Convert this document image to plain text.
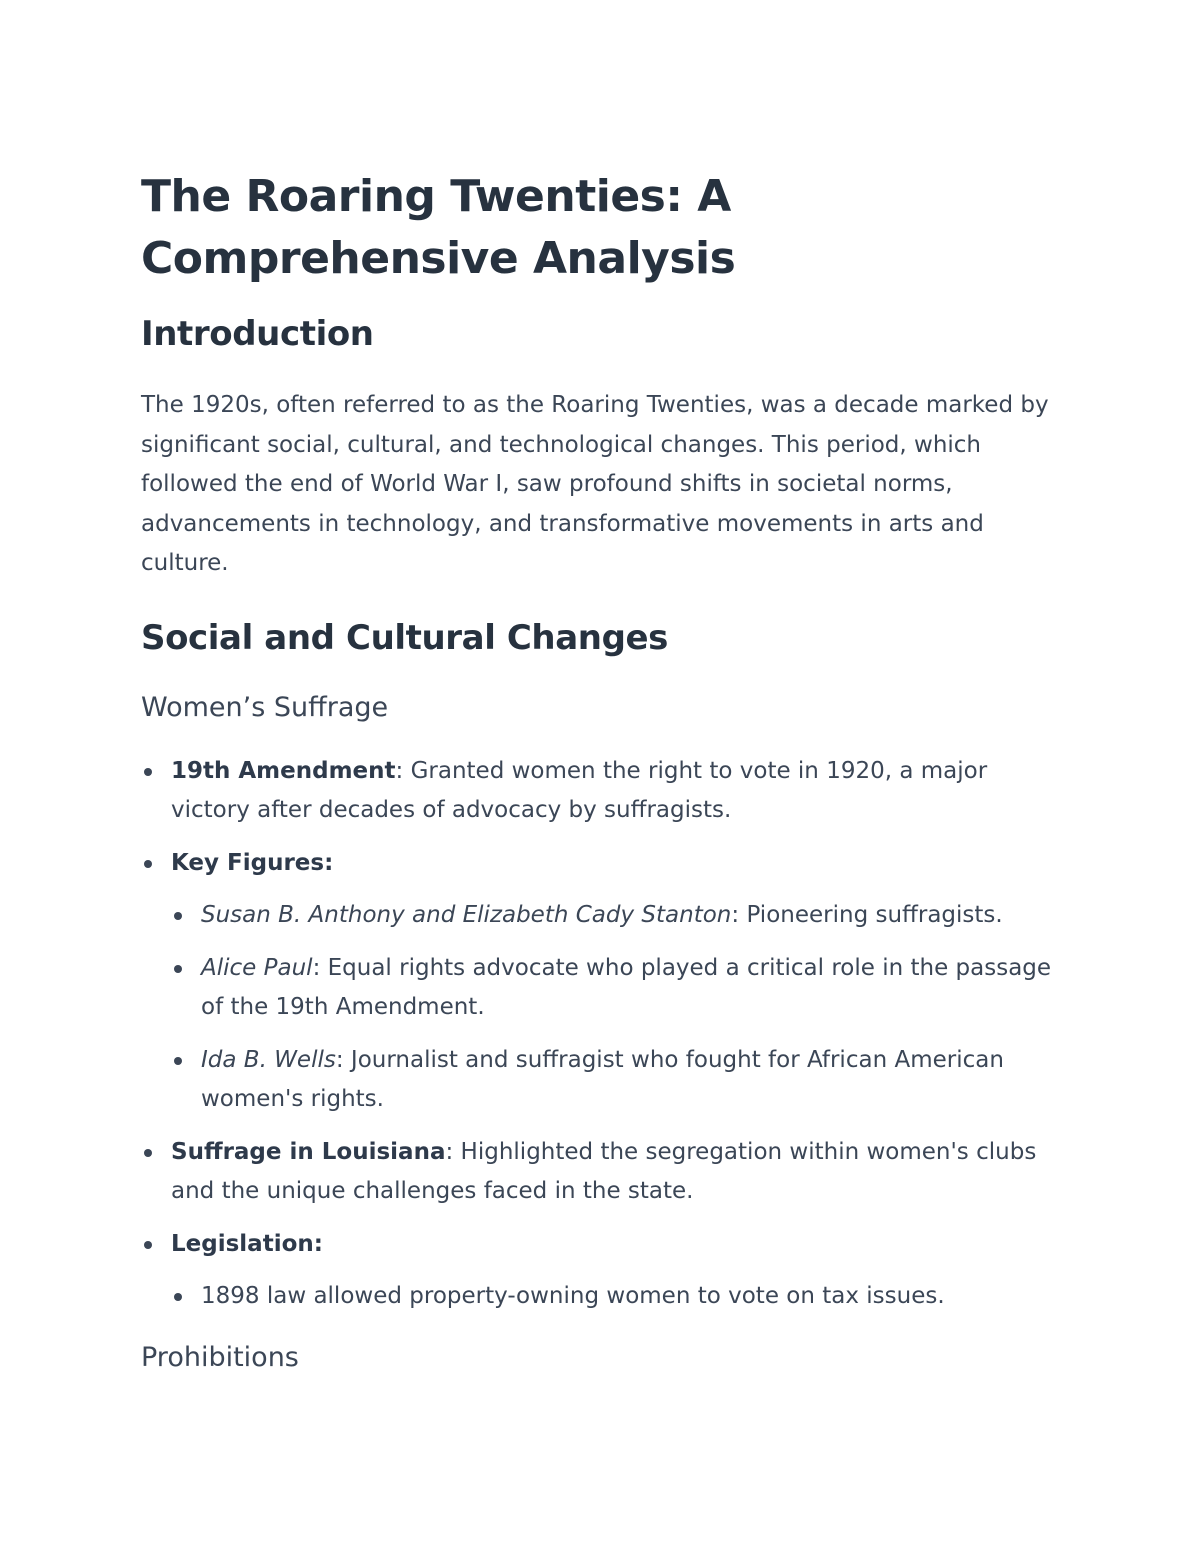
The Roaring Twenties: A
Comprehensive Analysis
Introduction

The 1920s, often referred to as the Roaring Twenties, was a decade marked by significant social, cultural, and technological changes. This period, which followed the end of World War I, saw profound shifts in societal norms, advancements in technology, and transformative movements in arts and culture.

Social and Cultural Changes
Women’s Suffrage
19th Amendment: Granted women the right to vote in 1920, a major victory after decades of advocacy by suffragists.
Key Figures:
Susan B. Anthony and Elizabeth Cady Stanton: Pioneering suffragists.
Alice Paul: Equal rights advocate who played a critical role in the passage of the 19th Amendment.
Ida B. Wells: Journalist and suffragist who fought for African American women's rights.
Suffrage in Louisiana: Highlighted the segregation within women's clubs and the unique challenges faced in the state.
Legislation:
1898 law allowed property-owning women to vote on tax issues.
Prohibitions
